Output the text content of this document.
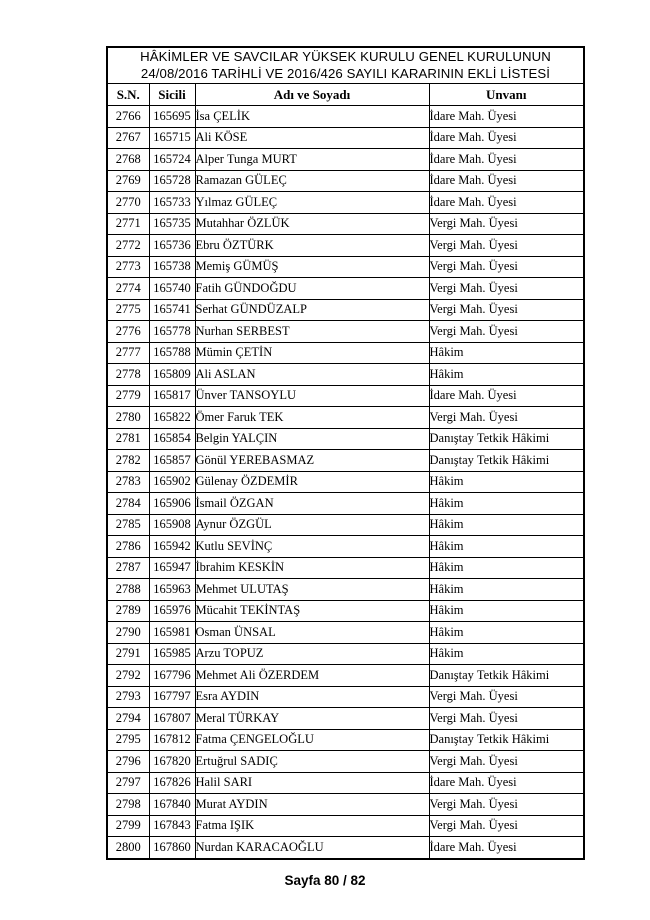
HÂKİMLER VE SAVCILAR YÜKSEK KURULU GENEL KURULUNUN
24/08/2016 TARİHLİ VE 2016/426 SAYILI KARARININ EKLİ LİSTESİ			

S.N.	Sicili	Adı ve Soyadı	Unvanı
2766	165695	İsa ÇELİK	İdare Mah. Üyesi
2767	165715	Ali KÖSE	İdare Mah. Üyesi
2768	165724	Alper Tunga MURT	İdare Mah. Üyesi
2769	165728	Ramazan GÜLEÇ	İdare Mah. Üyesi
2770	165733	Yılmaz GÜLEÇ	İdare Mah. Üyesi
2771	165735	Mutahhar ÖZLÜK	Vergi Mah. Üyesi
2772	165736	Ebru ÖZTÜRK	Vergi Mah. Üyesi
2773	165738	Memiş GÜMÜŞ	Vergi Mah. Üyesi
2774	165740	Fatih GÜNDOĞDU	Vergi Mah. Üyesi
2775	165741	Serhat GÜNDÜZALP	Vergi Mah. Üyesi
2776	165778	Nurhan SERBEST	Vergi Mah. Üyesi
2777	165788	Mümin ÇETİN	Hâkim
2778	165809	Ali ASLAN	Hâkim
2779	165817	Ünver TANSOYLU	İdare Mah. Üyesi
2780	165822	Ömer Faruk TEK	Vergi Mah. Üyesi
2781	165854	Belgin YALÇIN	Danıştay Tetkik Hâkimi
2782	165857	Gönül YEREBASMAZ	Danıştay Tetkik Hâkimi
2783	165902	Gülenay ÖZDEMİR	Hâkim
2784	165906	İsmail ÖZGAN	Hâkim
2785	165908	Aynur ÖZGÜL	Hâkim
2786	165942	Kutlu SEVİNÇ	Hâkim
2787	165947	İbrahim KESKİN	Hâkim
2788	165963	Mehmet ULUTAŞ	Hâkim
2789	165976	Mücahit TEKİNTAŞ	Hâkim
2790	165981	Osman ÜNSAL	Hâkim
2791	165985	Arzu TOPUZ	Hâkim
2792	167796	Mehmet Ali ÖZERDEM	Danıştay Tetkik Hâkimi
2793	167797	Esra AYDIN	Vergi Mah. Üyesi
2794	167807	Meral TÜRKAY	Vergi Mah. Üyesi
2795	167812	Fatma ÇENGELOĞLU	Danıştay Tetkik Hâkimi
2796	167820	Ertuğrul SADIÇ	Vergi Mah. Üyesi
2797	167826	Halil SARI	İdare Mah. Üyesi
2798	167840	Murat AYDIN	Vergi Mah. Üyesi
2799	167843	Fatma IŞIK	Vergi Mah. Üyesi
2800	167860	Nurdan KARACAOĞLU	İdare Mah. Üyesi
Sayfa 80 / 82
